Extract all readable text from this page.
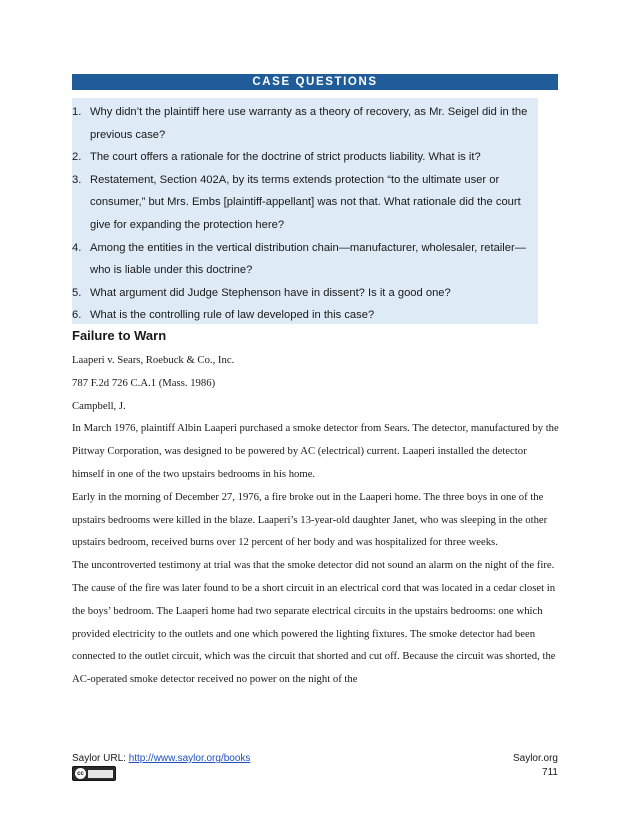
CASE QUESTIONS
1. Why didn’t the plaintiff here use warranty as a theory of recovery, as Mr. Seigel did in the previous case?
2. The court offers a rationale for the doctrine of strict products liability. What is it?
3. Restatement, Section 402A, by its terms extends protection “to the ultimate user or consumer,” but Mrs. Embs [plaintiff-appellant] was not that. What rationale did the court give for expanding the protection here?
4. Among the entities in the vertical distribution chain—manufacturer, wholesaler, retailer—who is liable under this doctrine?
5. What argument did Judge Stephenson have in dissent? Is it a good one?
6. What is the controlling rule of law developed in this case?
Failure to Warn

Laaperi v. Sears, Roebuck & Co., Inc.

787 F.2d 726 C.A.1 (Mass. 1986)

Campbell, J.

In March 1976, plaintiff Albin Laaperi purchased a smoke detector from Sears. The detector, manufactured by the Pittway Corporation, was designed to be powered by AC (electrical) current. Laaperi installed the detector himself in one of the two upstairs bedrooms in his home.

Early in the morning of December 27, 1976, a fire broke out in the Laaperi home. The three boys in one of the upstairs bedrooms were killed in the blaze. Laaperi’s 13-year-old daughter Janet, who was sleeping in the other upstairs bedroom, received burns over 12 percent of her body and was hospitalized for three weeks.

The uncontroverted testimony at trial was that the smoke detector did not sound an alarm on the night of the fire. The cause of the fire was later found to be a short circuit in an electrical cord that was located in a cedar closet in the boys’ bedroom. The Laaperi home had two separate electrical circuits in the upstairs bedrooms: one which provided electricity to the outlets and one which powered the lighting fixtures. The smoke detector had been connected to the outlet circuit, which was the circuit that shorted and cut off. Because the circuit was shorted, the AC-operated smoke detector received no power on the night of the

Saylor URL: http://www.saylor.org/books
cc
Saylor.org
711
